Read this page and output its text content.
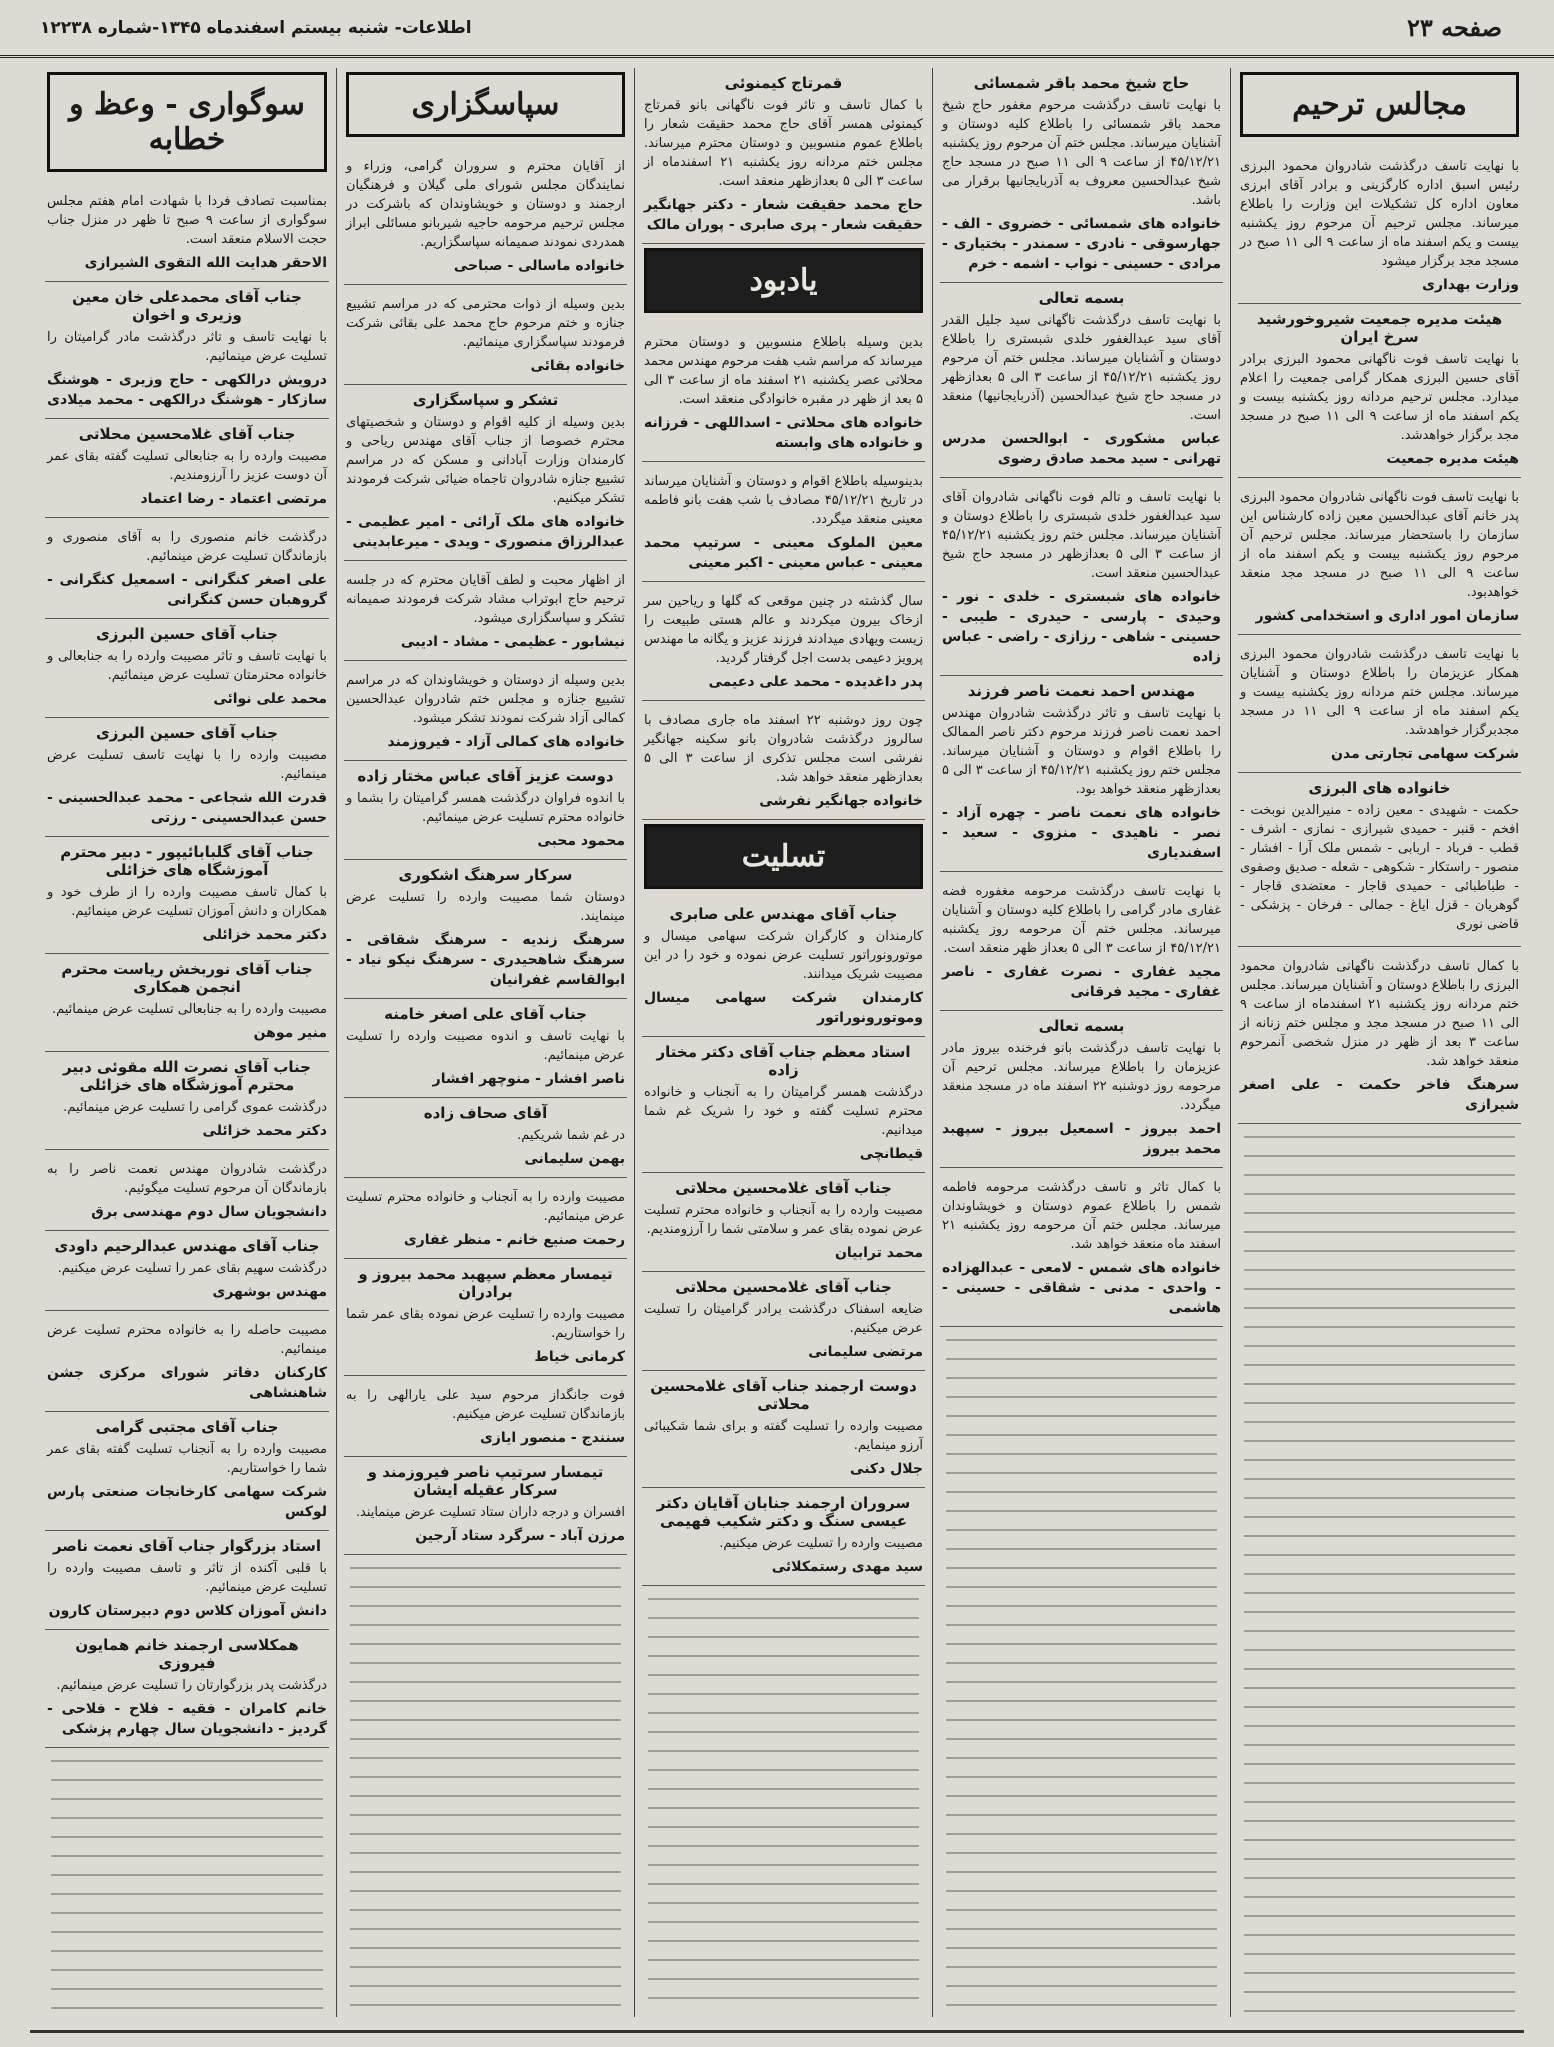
صفحه ۲۳
اطلاعات- شنبه بیستم اسفندماه ۱۳۴۵-شماره ۱۲۲۳۸
مجالس ترحیم
با نهایت تاسف درگذشت شادروان محمود البرزی رئیس اسبق اداره کارگزینی و برادر آقای ابرزی معاون اداره کل تشکیلات این وزارت را باطلاع میرساند. مجلس ترحیم آن مرحوم روز یکشنبه بیست و یکم اسفند ماه از ساعت ۹ الی ۱۱ صبح در مسجد مجد برگزار میشود
وزارت بهداری
هیئت مدیره جمعیت شیروخورشید سرخ ایران
با نهایت تاسف فوت ناگهانی محمود البرزی برادر آقای حسین البرزی همکار گرامی جمعیت را اعلام میدارد. مجلس ترحیم مردانه روز یکشنبه بیست و یکم اسفند ماه از ساعت ۹ الی ۱۱ صبح در مسجد مجد برگزار خواهدشد.
هیئت مدیره جمعیت
با نهایت تاسف فوت ناگهانی شادروان محمود البرزی پدر خانم آقای عبدالحسین معین زاده کارشناس این سازمان را باستحضار میرساند. مجلس ترحیم آن مرحوم روز یکشنبه بیست و یکم اسفند ماه از ساعت ۹ الی ۱۱ صبح در مسجد مجد منعقد خواهدبود.
سازمان امور اداری و استخدامی کشور
با نهایت تاسف درگذشت شادروان محمود البرزی همکار عزیزمان را باطلاع دوستان و آشنایان میرساند. مجلس ختم مردانه روز یکشنبه بیست و یکم اسفند ماه از ساعت ۹ الی ۱۱ در مسجد مجدبرگزار خواهدشد.
شرکت سهامی تجارتی مدن
خانواده های البرزی
حکمت - شهیدی - معین زاده - منیرالدین نوبخت - افخم - قنبر - حمیدی شیرازی - نمازی - اشرف - قطب - فرباد - اربابی - شمس ملک آرا - افشار - منصور - راستکار - شکوهی - شعله - صدیق وصفوی - طباطبائی - حمیدی قاجار - معتضدی قاجار - گوهریان - قزل ایاغ - جمالی - فرخان - پزشکی - قاضی نوری
با کمال تاسف درگذشت ناگهانی شادروان محمود البرزی را باطلاع دوستان و آشنایان میرساند. مجلس ختم مردانه روز یکشنبه ۲۱ اسفندماه از ساعت ۹ الی ۱۱ صبح در مسجد مجد و مجلس ختم زنانه از ساعت ۳ بعد از ظهر در منزل شخصی آنمرحوم منعقد خواهد شد.
سرهنگ فاخر حکمت - علی اصغر شیرازی
حاج شیخ محمد باقر شمسائی
با نهایت تاسف درگذشت مرحوم مغفور حاج شیخ محمد باقر شمسائی را باطلاع کلیه دوستان و آشنایان میرساند. مجلس ختم آن مرحوم روز یکشنبه ۴۵/۱۲/۲۱ از ساعت ۹ الی ۱۱ صبح در مسجد حاج شیخ عبدالحسین معروف به آذربایجانیها برقرار می باشد.
خانواده های شمسائی - خضروی - الف - جهارسوقی - نادری - سمندر - بختیاری - مرادی - حسینی - نواب - اشمه - خرم
بسمه تعالی
با نهایت تاسف درگذشت ناگهانی سید جلیل القدر آقای سید عبدالغفور خلدی شبستری را باطلاع دوستان و آشنایان میرساند. مجلس ختم آن مرحوم روز یکشنبه ۴۵/۱۲/۲۱ از ساعت ۳ الی ۵ بعدازظهر در مسجد حاج شیخ عبدالحسین (آذربایجانیها) منعقد است.
عباس مشکوری - ابوالحسن مدرس تهرانی - سید محمد صادق رضوی
با نهایت تاسف و تالم فوت ناگهانی شادروان آقای سید عبدالغفور خلدی شبستری را باطلاع دوستان و آشنایان میرساند. مجلس ختم روز یکشنبه ۴۵/۱۲/۲۱ از ساعت ۳ الی ۵ بعدازظهر در مسجد حاج شیخ عبدالحسین منعقد است.
خانواده های شبستری - خلدی - نور - وحیدی - پارسی - حیدری - طیبی - حسینی - شاهی - رزازی - راضی - عباس زاده
مهندس احمد نعمت ناصر فرزند
با نهایت تاسف و تاثر درگذشت شادروان مهندس احمد نعمت ناصر فرزند مرحوم دکتر ناصر الممالک را باطلاع اقوام و دوستان و آشنایان میرساند. مجلس ختم روز یکشنبه ۴۵/۱۲/۲۱ از ساعت ۳ الی ۵ بعدازظهر منعقد خواهد بود.
خانواده های نعمت ناصر - چهره آزاد - نصر - ناهیدی - منزوی - سعید - اسفندیاری
با نهایت تاسف درگذشت مرحومه مغفوره فضه غفاری مادر گرامی را باطلاع کلیه دوستان و آشنایان میرساند. مجلس ختم آن مرحومه روز یکشنبه ۴۵/۱۲/۲۱ از ساعت ۳ الی ۵ بعداز ظهر منعقد است.
مجید غفاری - نصرت غفاری - ناصر غفاری - مجید فرقانی
بسمه تعالی
با نهایت تاسف درگذشت بانو فرخنده بیروز مادر عزیزمان را باطلاع میرساند. مجلس ترحیم آن مرحومه روز دوشنبه ۲۲ اسفند ماه در مسجد منعقد میگردد.
احمد بیروز - اسمعیل بیروز - سپهبد محمد بیروز
با کمال تاثر و تاسف درگذشت مرحومه فاطمه شمس را باطلاع عموم دوستان و خویشاوندان میرساند. مجلس ختم آن مرحومه روز یکشنبه ۲۱ اسفند ماه منعقد خواهد شد.
خانواده های شمس - لامعی - عبدالهزاده - واحدی - مدنی - شقاقی - حسینی - هاشمی
قمرتاج کیمنوئی
با کمال تاسف و تاثر فوت ناگهانی بانو قمرتاج کیمنوئی همسر آقای حاج محمد حقیقت شعار را باطلاع عموم منسوبین و دوستان محترم میرساند. مجلس ختم مردانه روز یکشنبه ۲۱ اسفندماه از ساعت ۳ الی ۵ بعدازظهر منعقد است.
حاج محمد حقیقت شعار - دکتر جهانگیر حقیقت شعار - پری صابری - پوران مالک
یادبود
بدین وسیله باطلاع منسوبین و دوستان محترم میرساند که مراسم شب هفت مرحوم مهندس محمد محلاتی عصر یکشنبه ۲۱ اسفند ماه از ساعت ۳ الی ۵ بعد از ظهر در مقبره خانوادگی منعقد است.
خانواده های محلاتی - اسداللهی - فرزانه و خانواده های وابسته
بدینوسیله باطلاع اقوام و دوستان و آشنایان میرساند در تاریخ ۴۵/۱۲/۲۱ مصادف با شب هفت بانو فاطمه معینی منعقد میگردد.
معین الملوک معینی - سرتیپ محمد معینی - عباس معینی - اکبر معینی
سال گذشته در چنین موقعی که گلها و ریاحین سر ازخاک بیرون میکردند و عالم هستی طبیعت را زیست ویهادی میدادند فرزند عزیز و یگانه ما مهندس پرویز دعیمی بدست اجل گرفتار گردید.
پدر داغدیده - محمد علی دعیمی
چون روز دوشنبه ۲۲ اسفند ماه جاری مصادف با سالروز درگذشت شادروان بانو سکینه جهانگیر نفرشی است مجلس تذکری از ساعت ۳ الی ۵ بعدازظهر منعقد خواهد شد.
خانواده جهانگیر نفرشی
تسلیت
جناب آقای مهندس علی صابری
کارمندان و کارگران شرکت سهامی میسال و موتورونوراتور تسلیت عرض نموده و خود را در این مصیبت شریک میدانند.
کارمندان شرکت سهامی میسال وموتورونوراتور
استاد معظم جناب آقای دکتر مختار زاده
درگذشت همسر گرامیتان را به آنجناب و خانواده محترم تسلیت گفته و خود را شریک غم شما میدانیم.
قیطانچی
جناب آقای غلامحسین محلاتی
مصیبت وارده را به آنجناب و خانواده محترم تسلیت عرض نموده بقای عمر و سلامتی شما را آرزومندیم.
محمد ترابیان
جناب آقای غلامحسین محلاتی
ضایعه اسفناک درگذشت برادر گرامیتان را تسلیت عرض میکنیم.
مرتضی سلیمانی
دوست ارجمند جناب آقای غلامحسین محلاتی
مصیبت وارده را تسلیت گفته و برای شما شکیبائی آرزو مینمایم.
جلال دکنی
سروران ارجمند جنابان آقایان دکتر عیسی سنگ و دکتر شکیب فهیمی
مصیبت وارده را تسلیت عرض میکنیم.
سید مهدی رستمکلائی
سپاسگزاری
از آقایان محترم و سروران گرامی، وزراء و نمایندگان مجلس شورای ملی گیلان و فرهنگیان ارجمند و دوستان و خویشاوندان که باشرکت در مجلس ترحیم مرحومه حاجیه شیربانو مسائلی ابراز همدردی نمودند صمیمانه سپاسگزاریم.
خانواده ماسالی - صباحی
بدین وسیله از ذوات محترمی که در مراسم تشییع جنازه و ختم مرحوم حاج محمد علی بقائی شرکت فرمودند سپاسگزاری مینمائیم.
خانواده بقائی
تشکر و سپاسگزاری
بدین وسیله از کلیه اقوام و دوستان و شخصیتهای محترم خصوصا از جناب آقای مهندس ریاحی و کارمندان وزارت آبادانی و مسکن که در مراسم تشییع جنازه شادروان تاجماه ضیائی شرکت فرمودند تشکر میکنیم.
خانواده های ملک آرائی - امیر عظیمی - عبدالرزاق منصوری - ویدی - میرعابدینی
از اظهار محبت و لطف آقایان محترم که در جلسه ترحیم حاج ابوتراب مشاد شرکت فرمودند صمیمانه تشکر و سپاسگزاری میشود.
نیشابور - عظیمی - مشاد - ادیبی
بدین وسیله از دوستان و خویشاوندان که در مراسم تشییع جنازه و مجلس ختم شادروان عبدالحسین کمالی آزاد شرکت نمودند تشکر میشود.
خانواده های کمالی آزاد - فیروزمند
دوست عزیز آقای عباس مختار زاده
با اندوه فراوان درگذشت همسر گرامیتان را بشما و خانواده محترم تسلیت عرض مینمائیم.
محمود محبی
سرکار سرهنگ اشکوری
دوستان شما مصیبت وارده را تسلیت عرض مینمایند.
سرهنگ زندیه - سرهنگ شقاقی - سرهنگ شاهحیدری - سرهنگ نیکو نیاد - ابوالقاسم غفرانیان
جناب آقای علی اصغر خامنه
با نهایت تاسف و اندوه مصیبت وارده را تسلیت عرض مینمائیم.
ناصر افشار - منوچهر افشار
آقای صحاف زاده
در غم شما شریکیم.
بهمن سلیمانی
مصیبت وارده را به آنجناب و خانواده محترم تسلیت عرض مینمائیم.
رحمت صنیع خانم - منظر غفاری
تیمسار معظم سپهبد محمد بیروز و برادران
مصیبت وارده را تسلیت عرض نموده بقای عمر شما را خواستاریم.
کرمانی خیاط
فوت جانگداز مرحوم سید علی یارالهی را به بازماندگان تسلیت عرض میکنیم.
سنندج - منصور ایازی
تیمسار سرتیپ ناصر فیروزمند و سرکار عقیله ایشان
افسران و درجه داران ستاد تسلیت عرض مینمایند.
مرزن آباد - سرگرد ستاد آرجین
سوگواری - وعظ و خطابه
بمناسبت تصادف فردا با شهادت امام هفتم مجلس سوگواری از ساعت ۹ صبح تا ظهر در منزل جناب حجت الاسلام منعقد است.
الاحقر هدایت الله التقوی الشیرازی
جناب آقای محمدعلی خان معین وزیری و اخوان
با نهایت تاسف و تاثر درگذشت مادر گرامیتان را تسلیت عرض مینمائیم.
درویش درالکهی - حاج وزیری - هوشنگ سازکار - هوشنگ درالکهی - محمد میلادی
جناب آقای غلامحسین محلاتی
مصیبت وارده را به جنابعالی تسلیت گفته بقای عمر آن دوست عزیز را آرزومندیم.
مرتضی اعتماد - رضا اعتماد
درگذشت خانم منصوری را به آقای منصوری و بازماندگان تسلیت عرض مینمائیم.
علی اصغر کنگرانی - اسمعیل کنگرانی - گروهبان حسن کنگرانی
جناب آقای حسین البرزی
با نهایت تاسف و تاثر مصیبت وارده را به جنابعالی و خانواده محترمتان تسلیت عرض مینمائیم.
محمد علی نوائی
جناب آقای حسین البرزی
مصیبت وارده را با نهایت تاسف تسلیت عرض مینمائیم.
قدرت الله شجاعی - محمد عبدالحسینی - حسن عبدالحسینی - رزتی
جناب آقای گلبابائیپور - دبیر محترم آموزشگاه های خزائلی
با کمال تاسف مصیبت وارده را از طرف خود و همکاران و دانش آموزان تسلیت عرض مینمائیم.
دکتر محمد خزائلی
جناب آقای نوربخش ریاست محترم انجمن همکاری
مصیبت وارده را به جنابعالی تسلیت عرض مینمائیم.
منیر موهن
جناب آقای نصرت الله مقوئی دبیر محترم آموزشگاه های خزائلی
درگذشت عموی گرامی را تسلیت عرض مینمائیم.
دکتر محمد خزائلی
درگذشت شادروان مهندس نعمت ناصر را به بازماندگان آن مرحوم تسلیت میگوئیم.
دانشجویان سال دوم مهندسی برق
جناب آقای مهندس عبدالرحیم داودی
درگذشت سهیم بقای عمر را تسلیت عرض میکنیم.
مهندس بوشهری
مصیبت حاصله را به خانواده محترم تسلیت عرض مینمائیم.
کارکنان دفاتر شورای مرکزی جشن شاهنشاهی
جناب آقای مجتبی گرامی
مصیبت وارده را به آنجناب تسلیت گفته بقای عمر شما را خواستاریم.
شرکت سهامی کارخانجات صنعتی پارس لوکس
استاد بزرگوار جناب آقای نعمت ناصر
با قلبی آکنده از تاثر و تاسف مصیبت وارده را تسلیت عرض مینمائیم.
دانش آموزان کلاس دوم دبیرستان کارون
همکلاسی ارجمند خانم همایون فیروزی
درگذشت پدر بزرگوارتان را تسلیت عرض مینمائیم.
خانم کامران - فقیه - فلاح - فلاحی - گردیز - دانشجویان سال چهارم پزشکی
